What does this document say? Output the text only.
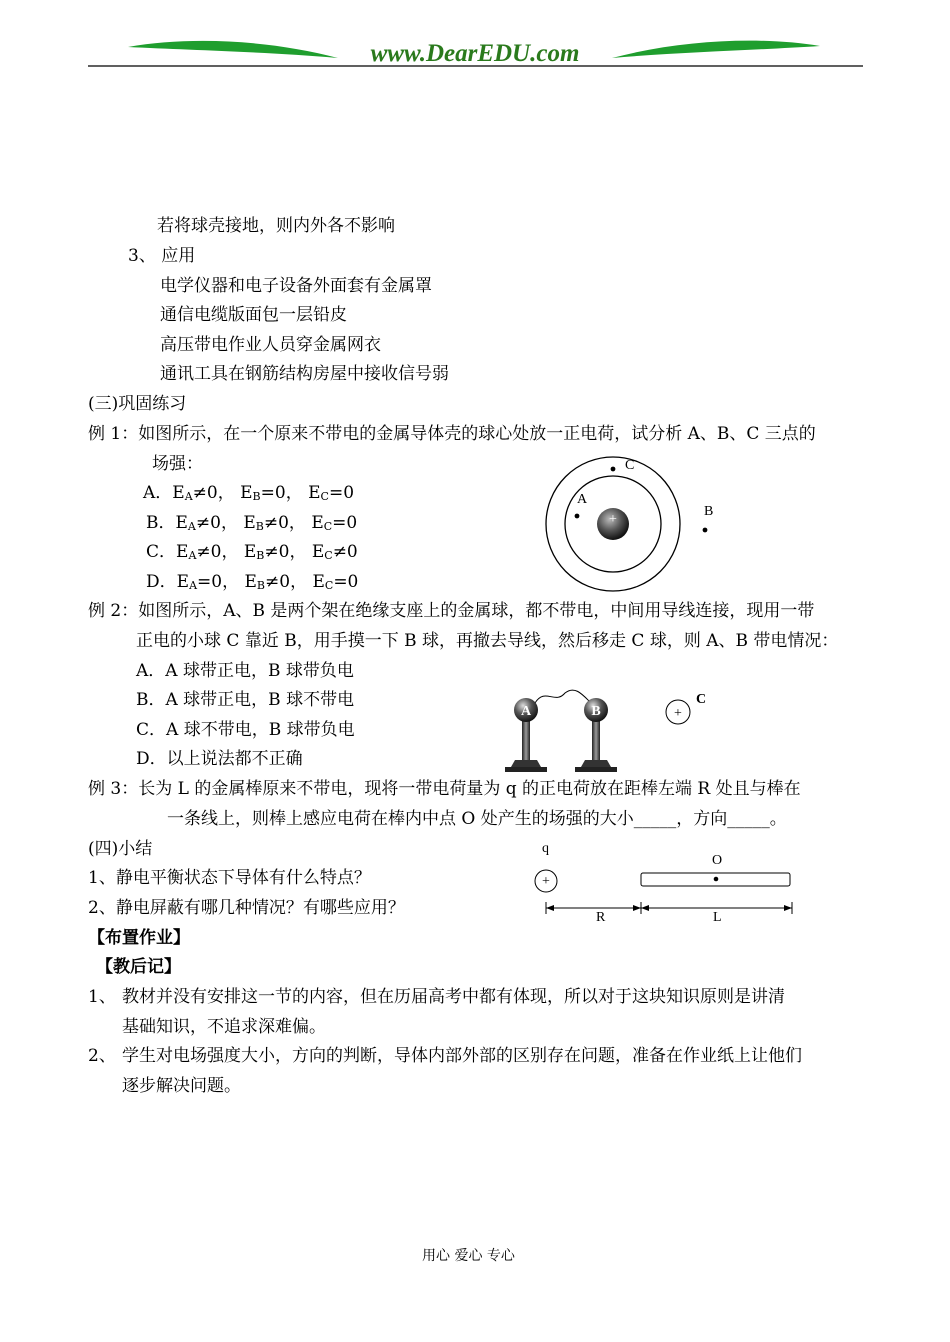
www.DearEDU.com
若将球壳接地，则内外各不影响
3、 应用
电学仪器和电子设备外面套有金属罩
通信电缆版面包一层铅皮
高压带电作业人员穿金属网衣
通讯工具在钢筋结构房屋中接收信号弱
(三)巩固练习
例 1：如图所示，在一个原来不带电的金属导体壳的球心处放一正电荷，试分析 A、B、C 三点的
场强：
A．EA≠0， EB=0， EC=0
B．EA≠0， EB≠0， EC=0
C．EA≠0， EB≠0， EC≠0
D．EA=0， EB≠0， EC=0
+
A
C
B
例 2：如图所示，A、B 是两个架在绝缘支座上的金属球，都不带电，中间用导线连接，现用一带
正电的小球 C 靠近 B，用手摸一下 B 球，再撤去导线，然后移走 C 球，则 A、B 带电情况：
A．A 球带正电，B 球带负电
B．A 球带正电，B 球不带电
C．A 球不带电，B 球带负电
D．以上说法都不正确
A	B	+
C
例 3：长为 L 的金属棒原来不带电，现将一带电荷量为 q 的正电荷放在距棒左端 R 处且与棒在
一条线上，则棒上感应电荷在棒内中点 O 处产生的场强的大小_____，方向_____。
(四)小结
1、静电平衡状态下导体有什么特点？
2、静电屏蔽有哪几种情况？有哪些应用？
q
+
O
R	L
【布置作业】
【教后记】
1、 教材并没有安排这一节的内容，但在历届高考中都有体现，所以对于这块知识原则是讲清
基础知识，不追求深难偏。
2、 学生对电场强度大小，方向的判断，导体内部外部的区别存在问题，准备在作业纸上让他们
逐步解决问题。
用心 爱心 专心
